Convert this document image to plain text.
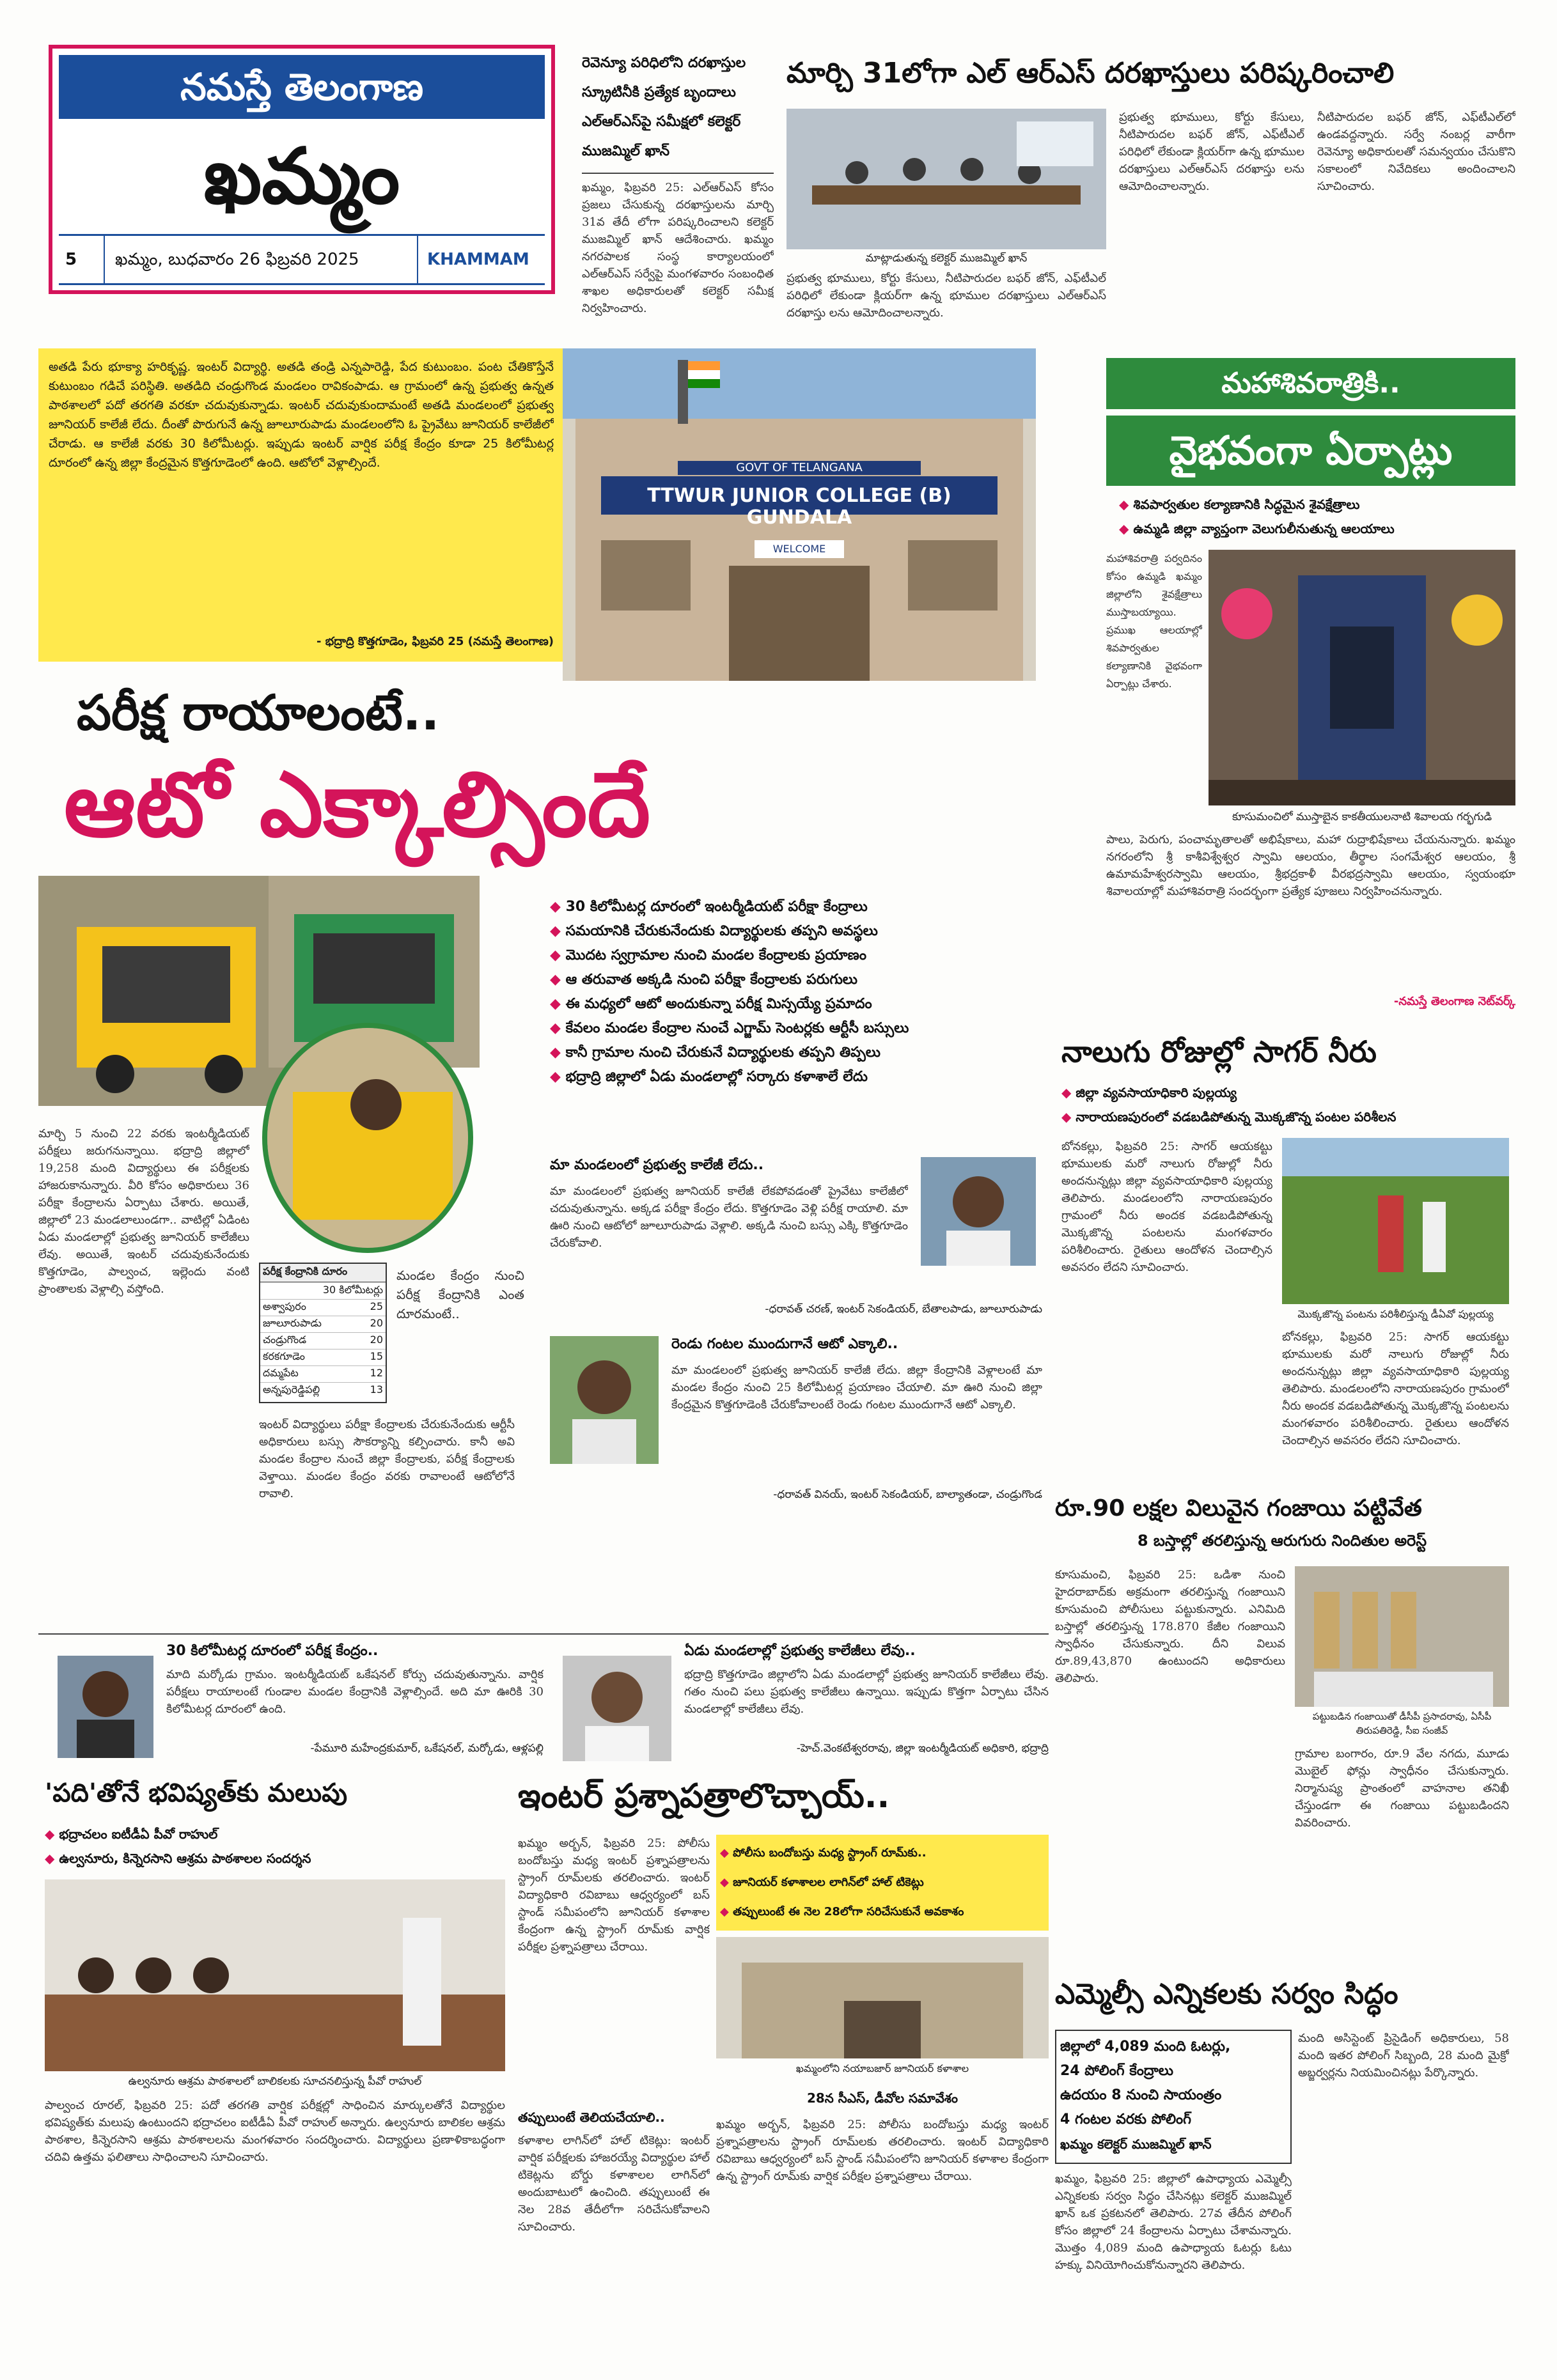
నమస్తే తెలంగాణ
ఖమ్మం
5	ఖమ్మం, బుధవారం 26 ఫిబ్రవరి 2025	KHAMMAM
రెవెన్యూ పరిధిలోని దరఖాస్తుల
స్క్రూటినీకి ప్రత్యేక బృందాలు
ఎల్ఆర్ఎస్‌పై సమీక్షలో కలెక్టర్
ముజమ్మిల్ ఖాన్
మార్చి 31లోగా ఎల్ ఆర్ఎస్ దరఖాస్తులు పరిష్కరించాలి
ఖమ్మం, ఫిబ్రవరి 25: ఎల్ఆర్ఎస్ కోసం ప్రజలు చేసుకున్న దరఖాస్తులను మార్చి 31వ తేదీ లోగా పరిష్కరించాలని కలెక్టర్ ముజమ్మిల్ ఖాన్ ఆదేశించారు. ఖమ్మం నగరపాలక సంస్థ కార్యాలయంలో ఎల్ఆర్ఎస్ సర్వేపై మంగళవారం సంబంధిత శాఖల అధికారులతో కలెక్టర్ సమీక్ష నిర్వహించారు.
మాట్లాడుతున్న కలెక్టర్ ముజమ్మిల్ ఖాన్
ప్రభుత్వ భూములు, కోర్టు కేసులు, నీటిపారుదల బఫర్ జోన్, ఎఫ్‌టీఎల్ పరిధిలో లేకుండా క్లియర్‌గా ఉన్న భూముల దరఖాస్తులు ఎల్ఆర్ఎస్ దరఖాస్తు లను ఆమోదించాలన్నారు.
ప్రభుత్వ భూములు, కోర్టు కేసులు, నీటిపారుదల బఫర్ జోన్, ఎఫ్‌టీఎల్ పరిధిలో లేకుండా క్లియర్‌గా ఉన్న భూముల దరఖాస్తులు ఎల్ఆర్ఎస్ దరఖాస్తు లను ఆమోదించాలన్నారు.
నీటిపారుదల బఫర్ జోన్, ఎఫ్‌టీఎల్‌లో ఉండవద్దన్నారు. సర్వే నంబర్ల వారీగా రెవెన్యూ అధికారులతో సమన్వయం చేసుకొని సకాలంలో నివేదికలు అందించాలని సూచించారు.
అతడి పేరు భూక్యా హరికృష్ణ. ఇంటర్ విద్యార్థి. అతడి తండ్రి ఎన్నపారెడ్డి, పేద కుటుంబం. పంట చేతికొస్తేనే కుటుంబం గడిచే పరిస్థితి. అతడిది చండ్రుగొండ మండలం రావికంపాడు. ఆ గ్రామంలో ఉన్న ప్రభుత్వ ఉన్నత పాఠశాలలో పదో తరగతి వరకూ చదువుకున్నాడు. ఇంటర్ చదువుకుందామంటే అతడి మండలంలో ప్రభుత్వ జూనియర్ కాలేజీ లేదు. దీంతో పొరుగునే ఉన్న జూలూరుపాడు మండలంలోని ఓ ప్రైవేటు జూనియర్ కాలేజీలో చేరాడు. ఆ కాలేజీ వరకు 30 కిలోమీటర్లు. ఇప్పుడు ఇంటర్ వార్షిక పరీక్ష కేంద్రం కూడా 25 కిలోమీటర్ల దూరంలో ఉన్న జిల్లా కేంద్రమైన కొత్తగూడెంలో ఉంది. ఆటోలో వెళ్లాల్సిందే.
- భద్రాద్రి కొత్తగూడెం, ఫిబ్రవరి 25 (నమస్తే తెలంగాణ)
GOVT OF TELANGANA
TTWUR JUNIOR COLLEGE (B) GUNDALA
WELCOME
మహాశివరాత్రికి..
వైభవంగా ఏర్పాట్లు
◆ శివపార్వతుల కల్యాణానికి సిద్ధమైన శైవక్షేత్రాలు
◆ ఉమ్మడి జిల్లా వ్యాప్తంగా వెలుగులీనుతున్న ఆలయాలు
మహాశివరాత్రి పర్వదినం కోసం ఉమ్మడి ఖమ్మం జిల్లాలోని శైవక్షేత్రాలు ముస్తాబయ్యాయి. ప్రముఖ ఆలయాల్లో శివపార్వతుల కల్యాణానికి వైభవంగా ఏర్పాట్లు చేశారు.
కూసుమంచిలో ముస్తాబైన కాకతీయులనాటి శివాలయ గర్భగుడి
పాలు, పెరుగు, పంచామృతాలతో అభిషేకాలు, మహా రుద్రాభిషేకాలు చేయనున్నారు. ఖమ్మం నగరంలోని శ్రీ కాశీవిశ్వేశ్వర స్వామి ఆలయం, తీర్థాల సంగమేశ్వర ఆలయం, శ్రీ ఉమామహేశ్వరస్వామి ఆలయం, శ్రీభద్రకాళీ వీరభద్రస్వామి ఆలయం, స్వయంభూ శివాలయాల్లో మహాశివరాత్రి సందర్భంగా ప్రత్యేక పూజలు నిర్వహించనున్నారు.
-నమస్తే తెలంగాణ నెట్‌వర్క్
పరీక్ష రాయాలంటే..
ఆటో ఎక్కాల్సిందే
◆ 30 కిలోమీటర్ల దూరంలో ఇంటర్మీడియట్ పరీక్షా కేంద్రాలు
◆ సమయానికి చేరుకునేందుకు విద్యార్థులకు తప్పని అవస్థలు
◆ మొదట స్వగ్రామాల నుంచి మండల కేంద్రాలకు ప్రయాణం
◆ ఆ తరువాత అక్కడి నుంచి పరీక్షా కేంద్రాలకు పరుగులు
◆ ఈ మధ్యలో ఆటో అందుకున్నా పరీక్ష మిస్సయ్యే ప్రమాదం
◆ కేవలం మండల కేంద్రాల నుంచే ఎగ్జామ్ సెంటర్లకు ఆర్టీసీ బస్సులు
◆ కానీ గ్రామాల నుంచి చేరుకునే విద్యార్థులకు తప్పని తిప్పలు
◆ భద్రాద్రి జిల్లాలో ఏడు మండలాల్లో సర్కారు కళాశాలే లేదు
మార్చి 5 నుంచి 22 వరకు ఇంటర్మీడియట్ పరీక్షలు జరుగనున్నాయి. భద్రాద్రి జిల్లాలో 19,258 మంది విద్యార్థులు ఈ పరీక్షలకు హాజరుకానున్నారు. వీరి కోసం అధికారులు 36 పరీక్షా కేంద్రాలను ఏర్పాటు చేశారు. అయితే, జిల్లాలో 23 మండలాలుండగా.. వాటిల్లో ఏడింట ఏడు మండలాల్లో ప్రభుత్వ జూనియర్ కాలేజీలు లేవు. అయితే, ఇంటర్ చదువుకునేందుకు కొత్తగూడెం, పాల్వంచ, ఇల్లెందు వంటి ప్రాంతాలకు వెళ్లాల్సి వస్తోంది.
పరీక్ష కేంద్రానికి దూరం
30 కిలోమీటర్లు
అశ్వాపురం	25
జూలూరుపాడు	20
చండ్రుగొండ	20
కరకగూడెం	15
దమ్మపేట	12
అన్నపురెడ్డిపల్లి	13
మండల కేంద్రం నుంచి పరీక్ష కేంద్రానికి ఎంత దూరమంటే..
ఇంటర్ విద్యార్థులు పరీక్షా కేంద్రాలకు చేరుకునేందుకు ఆర్టీసీ అధికారులు బస్సు సౌకర్యాన్ని కల్పించారు. కానీ అవి మండల కేంద్రాల నుంచే జిల్లా కేంద్రాలకు, పరీక్ష కేంద్రాలకు వెళ్తాయి. మండల కేంద్రం వరకు రావాలంటే ఆటోలోనే రావాలి.
మా మండలంలో ప్రభుత్వ కాలేజీ లేదు..
మా మండలంలో ప్రభుత్వ జూనియర్ కాలేజీ లేకపోవడంతో ప్రైవేటు కాలేజీలో చదువుతున్నాను. అక్కడ పరీక్షా కేంద్రం లేదు. కొత్తగూడెం వెళ్లి పరీక్ష రాయాలి. మా ఊరి నుంచి ఆటోలో జూలూరుపాడు వెళ్లాలి. అక్కడి నుంచి బస్సు ఎక్కి కొత్తగూడెం చేరుకోవాలి.
-ధరావత్ చరణ్, ఇంటర్ సెకండియర్, బేతాలపాడు, జూలూరుపాడు
రెండు గంటల ముందుగానే ఆటో ఎక్కాలి..
మా మండలంలో ప్రభుత్వ జూనియర్ కాలేజీ లేదు. జిల్లా కేంద్రానికి వెళ్లాలంటే మా మండల కేంద్రం నుంచి 25 కిలోమీటర్ల ప్రయాణం చేయాలి. మా ఊరి నుంచి జిల్లా కేంద్రమైన కొత్తగూడెంకి చేరుకోవాలంటే రెండు గంటల ముందుగానే ఆటో ఎక్కాలి.
-ధరావత్ వినయ్, ఇంటర్ సెకండియర్, బాల్యాతండా, చండ్రుగొండ
30 కిలోమీటర్ల దూరంలో పరీక్ష కేంద్రం..
మాది మర్కోడు గ్రామం. ఇంటర్మీడియట్ ఒకేషనల్ కోర్సు చదువుతున్నాను. వార్షిక పరీక్షలు రాయాలంటే గుండాల మండల కేంద్రానికి వెళ్లాల్సిందే. అది మా ఊరికి 30 కిలోమీటర్ల దూరంలో ఉంది.
-పేమూరి మహేంద్రకుమార్, ఒకేషనల్, మర్కోడు, ఆళ్లపల్లి
ఏడు మండలాల్లో ప్రభుత్వ కాలేజీలు లేవు..
భద్రాద్రి కొత్తగూడెం జిల్లాలోని ఏడు మండలాల్లో ప్రభుత్వ జూనియర్ కాలేజీలు లేవు. గతం నుంచి పలు ప్రభుత్వ కాలేజీలు ఉన్నాయి. ఇప్పుడు కొత్తగా ఏర్పాటు చేసిన మండలాల్లో కాలేజీలు లేవు.
-హెచ్.వెంకటేశ్వరరావు, జిల్లా ఇంటర్మీడియట్ అధికారి, భద్రాద్రి
నాలుగు రోజుల్లో సాగర్ నీరు
◆ జిల్లా వ్యవసాయాధికారి పుల్లయ్య
◆ నారాయణపురంలో వడబడిపోతున్న మొక్కజొన్న పంటల పరిశీలన
బోనకల్లు, ఫిబ్రవరి 25: సాగర్ ఆయకట్టు భూములకు మరో నాలుగు రోజుల్లో నీరు అందనున్నట్లు జిల్లా వ్యవసాయాధికారి పుల్లయ్య తెలిపారు. మండలంలోని నారాయణపురం గ్రామంలో నీరు అందక వడబడిపోతున్న మొక్కజొన్న పంటలను మంగళవారం పరిశీలించారు. రైతులు ఆందోళన చెందాల్సిన అవసరం లేదని సూచించారు.
మొక్కజొన్న పంటను పరిశీలిస్తున్న డీఏవో పుల్లయ్య
బోనకల్లు, ఫిబ్రవరి 25: సాగర్ ఆయకట్టు భూములకు మరో నాలుగు రోజుల్లో నీరు అందనున్నట్లు జిల్లా వ్యవసాయాధికారి పుల్లయ్య తెలిపారు. మండలంలోని నారాయణపురం గ్రామంలో నీరు అందక వడబడిపోతున్న మొక్కజొన్న పంటలను మంగళవారం పరిశీలించారు. రైతులు ఆందోళన చెందాల్సిన అవసరం లేదని సూచించారు.
రూ.90 లక్షల విలువైన గంజాయి పట్టివేత
8 బస్తాల్లో తరలిస్తున్న ఆరుగురు నిందితుల అరెస్ట్
కూసుమంచి, ఫిబ్రవరి 25: ఒడిశా నుంచి హైదరాబాద్‌కు అక్రమంగా తరలిస్తున్న గంజాయిని కూసుమంచి పోలీసులు పట్టుకున్నారు. ఎనిమిది బస్తాల్లో తరలిస్తున్న 178.870 కేజీల గంజాయిని స్వాధీనం చేసుకున్నారు. దీని విలువ రూ.89,43,870 ఉంటుందని అధికారులు తెలిపారు.
పట్టుబడిన గంజాయితో డీసీపీ ప్రసాదరావు, ఏసీపీ తిరుపతిరెడ్డి, సీఐ సంజీవ్
గ్రామాల బంగారం, రూ.9 వేల నగదు, మూడు మొబైల్ ఫోన్లు స్వాధీనం చేసుకున్నారు. నిర్మానుష్య ప్రాంతంలో వాహనాల తనిఖీ చేస్తుండగా ఈ గంజాయి పట్టుబడిందని వివరించారు.
ఎమ్మెల్సీ ఎన్నికలకు సర్వం సిద్ధం
జిల్లాలో 4,089 మంది ఓటర్లు,
24 పోలింగ్ కేంద్రాలు
ఉదయం 8 నుంచి సాయంత్రం
4 గంటల వరకు పోలింగ్
ఖమ్మం కలెక్టర్ ముజమ్మిల్ ఖాన్
మంది అసిస్టెంట్ ప్రిసైడింగ్ అధికారులు, 58 మంది ఇతర పోలింగ్ సిబ్బంది, 28 మంది మైక్రో అబ్జర్వర్లను నియమించినట్లు పేర్కొన్నారు.
ఖమ్మం, ఫిబ్రవరి 25: జిల్లాలో ఉపాధ్యాయ ఎమ్మెల్సీ ఎన్నికలకు సర్వం సిద్ధం చేసినట్లు కలెక్టర్ ముజమ్మిల్ ఖాన్ ఒక ప్రకటనలో తెలిపారు. 27వ తేదీన పోలింగ్ కోసం జిల్లాలో 24 కేంద్రాలను ఏర్పాటు చేశామన్నారు. మొత్తం 4,089 మంది ఉపాధ్యాయ ఓటర్లు ఓటు హక్కు వినియోగించుకోనున్నారని తెలిపారు.
'పది'తోనే భవిష్యత్‌కు మలుపు
◆ భద్రాచలం ఐటీడీఏ పీవో రాహుల్
◆ ఉల్వనూరు, కిన్నెరసాని ఆశ్రమ పాఠశాలల సందర్శన
ఉల్వనూరు ఆశ్రమ పాఠశాలలో బాలికలకు సూచనలిస్తున్న పీవో రాహుల్
పాల్వంచ రూరల్, ఫిబ్రవరి 25: పదో తరగతి వార్షిక పరీక్షల్లో సాధించిన మార్కులతోనే విద్యార్థుల భవిష్యత్‌కు మలుపు ఉంటుందని భద్రాచలం ఐటీడీఏ పీవో రాహుల్ అన్నారు. ఉల్వనూరు బాలికల ఆశ్రమ పాఠశాల, కిన్నెరసాని ఆశ్రమ పాఠశాలలను మంగళవారం సందర్శించారు. విద్యార్థులు ప్రణాళికాబద్ధంగా చదివి ఉత్తమ ఫలితాలు సాధించాలని సూచించారు.
ఇంటర్ ప్రశ్నాపత్రాలొచ్చాయ్..
ఖమ్మం అర్బన్, ఫిబ్రవరి 25: పోలీసు బందోబస్తు మధ్య ఇంటర్ ప్రశ్నాపత్రాలను స్ట్రాంగ్ రూమ్‌లకు తరలించారు. ఇంటర్ విద్యాధికారి రవిబాబు ఆధ్వర్యంలో బస్ స్టాండ్ సమీపంలోని జూనియర్ కళాశాల కేంద్రంగా ఉన్న స్ట్రాంగ్ రూమ్‌కు వార్షిక పరీక్షల ప్రశ్నాపత్రాలు చేరాయి.
◆ పోలీసు బందోబస్తు మధ్య స్ట్రాంగ్ రూమ్‌కు..
◆ జూనియర్ కళాశాలల లాగిన్‌లో హాల్ టికెట్లు
◆ తప్పులుంటే ఈ నెల 28లోగా సరిచేసుకునే అవకాశం
ఖమ్మంలోని నయాబజార్ జూనియర్ కళాశాల
తప్పులుంటే తెలియచేయాలి..
కళాశాల లాగిన్‌లో హాల్ టికెట్లు: ఇంటర్ వార్షిక పరీక్షలకు హాజరయ్యే విద్యార్థుల హాల్ టికెట్లను బోర్డు కళాశాలల లాగిన్‌లో అందుబాటులో ఉంచింది. తప్పులుంటే ఈ నెల 28వ తేదీలోగా సరిచేసుకోవాలని సూచించారు.
28న సీఎస్, డీవోల సమావేశం
ఖమ్మం అర్బన్, ఫిబ్రవరి 25: పోలీసు బందోబస్తు మధ్య ఇంటర్ ప్రశ్నాపత్రాలను స్ట్రాంగ్ రూమ్‌లకు తరలించారు. ఇంటర్ విద్యాధికారి రవిబాబు ఆధ్వర్యంలో బస్ స్టాండ్ సమీపంలోని జూనియర్ కళాశాల కేంద్రంగా ఉన్న స్ట్రాంగ్ రూమ్‌కు వార్షిక పరీక్షల ప్రశ్నాపత్రాలు చేరాయి.
